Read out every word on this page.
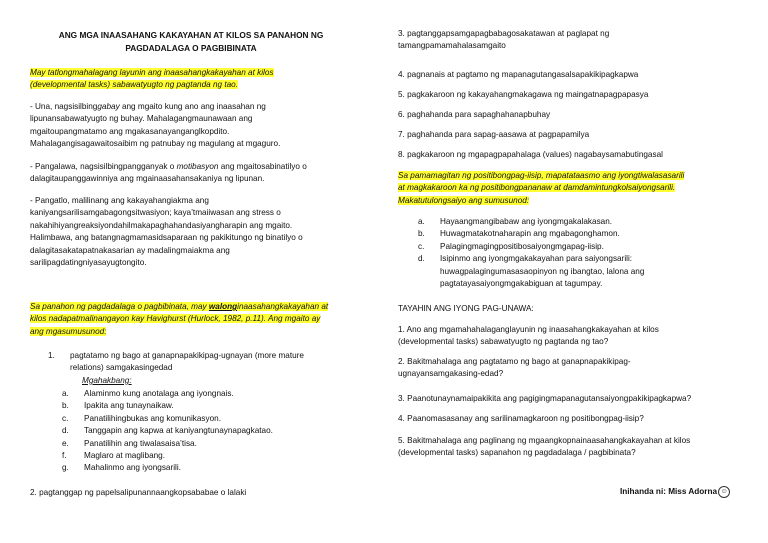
ANG MGA INAASAHANG KAKAYAHAN AT KILOS SA PANAHON NG
PAGDADALAGA O PAGBIBINATA
May tatlongmahalagang layunin ang inaasahangkakayahan at kilos
(developmental tasks) sabawatyugto ng pagtanda ng tao.
- Una, nagsisilbinggabay ang mgaito kung ano ang inaasahan ng
lipunansabawatyugto ng buhay. Mahalagangmaunawaan ang
mgaitoupangmatamo ang mgakasanayanganglkopdito.
Mahalagangisagawaitosaibim ng patnubay ng magulang at mgaguro.
- Pangalawa, nagsisilbingpangganyak o motibasyon ang mgaitosabinatilyo o
dalagitaupanggawinniya ang mgainaasahansakaniya ng lipunan.
- Pangatlo, malilinang ang kakayahangiakma ang
kaniyangsarilisamgabagongsitwasiyon; kaya’tmaiiwasan ang stress o
nakahihiyangreaksiyondahilmakapaghahandasiyangharapin ang mgaito.
Halimbawa, ang batangnagmamasidsaparaan ng pakikitungo ng binatilyo o
dalagitasakatapatnakasarian ay madalingmaiakma ang
sarilipagdatingniyasayugtongito.
Sa panahon ng pagdadalaga o pagbibinata, may walonginaasahangkakayahan at
kilos nadapatmalinangayon kay Havighurst (Hurlock, 1982, p.11). Ang mgaito ay
ang mgasumusunod:
1.	pagtatamo ng bago at ganapnapakikipag-ugnayan (more mature
relations) samgakasingedad
Mgahakbang:
a.	Alaminmo kung anotalaga ang iyongnais.
b.	Ipakita ang tunaynaikaw.
c.	Panatilihingbukas ang komunikasyon.
d.	Tanggapin ang kapwa at kaniyangtunaynapagkatao.
e.	Panatilihin ang tiwalasaisa’tisa.
f.	Maglaro at maglibang.
g.	Mahalinmo ang iyongsarili.
2. pagtanggap ng papelsalipunannaangkopsababae o lalaki
3. pagtanggapsamgapagbabagosakatawan at paglapat ng
tamangpamamahalasamgaito
4. pagnanais at pagtamo ng mapanagutangasalsapakikipagkapwa
5. pagkakaroon ng kakayahangmakagawa ng maingatnapagpapasya
6. paghahanda para sapaghahanapbuhay
7. paghahanda para sapag-aasawa at pagpapamilya
8. pagkakaroon ng mgapagpapahalaga (values) nagabaysamabutingasal
Sa pamamagitan ng positibongpag-iisip, mapatataasmo ang iyongtiwalasasarili
at magkakaroon ka ng positibongpananaw at damdamintungkolsaiyongsarili.
Makatutulongsaiyo ang sumusunod:
a.	Hayaangmangibabaw ang iyongmgakalakasan.
b.	Huwagmatakotnaharapin ang mgabagonghamon.
c.	Palagingmagingpositibosaiyongmgapag-iisip.
d.	Isipinmo ang iyongmgakakayahan para saiyongsarili:
huwagpalagingumasasaopinyon ng ibangtao, lalona ang
pagtatayasaiyongmgakabiguan at tagumpay.
TAYAHIN ANG IYONG PAG-UNAWA:
1. Ano ang mgamahahalaganglayunin ng inaasahangkakayahan at kilos
(developmental tasks) sabawatyugto ng pagtanda ng tao?
2. Bakitmahalaga ang pagtatamo ng bago at ganapnapakikipag-
ugnayansamgakasing-edad?
3. Paanotunaynamaipakikita ang pagigingmapanagutansaiyongpakikipagkapwa?
4. Paanomasasanay ang sarilinamagkaroon ng positibongpag-iisip?
5. Bakitmahalaga ang paglinang ng mgaangkopnainaasahangkakayahan at kilos
(developmental tasks) sapanahon ng pagdadalaga / pagbibinata?
Inihanda ni: Miss Adorna ☺
